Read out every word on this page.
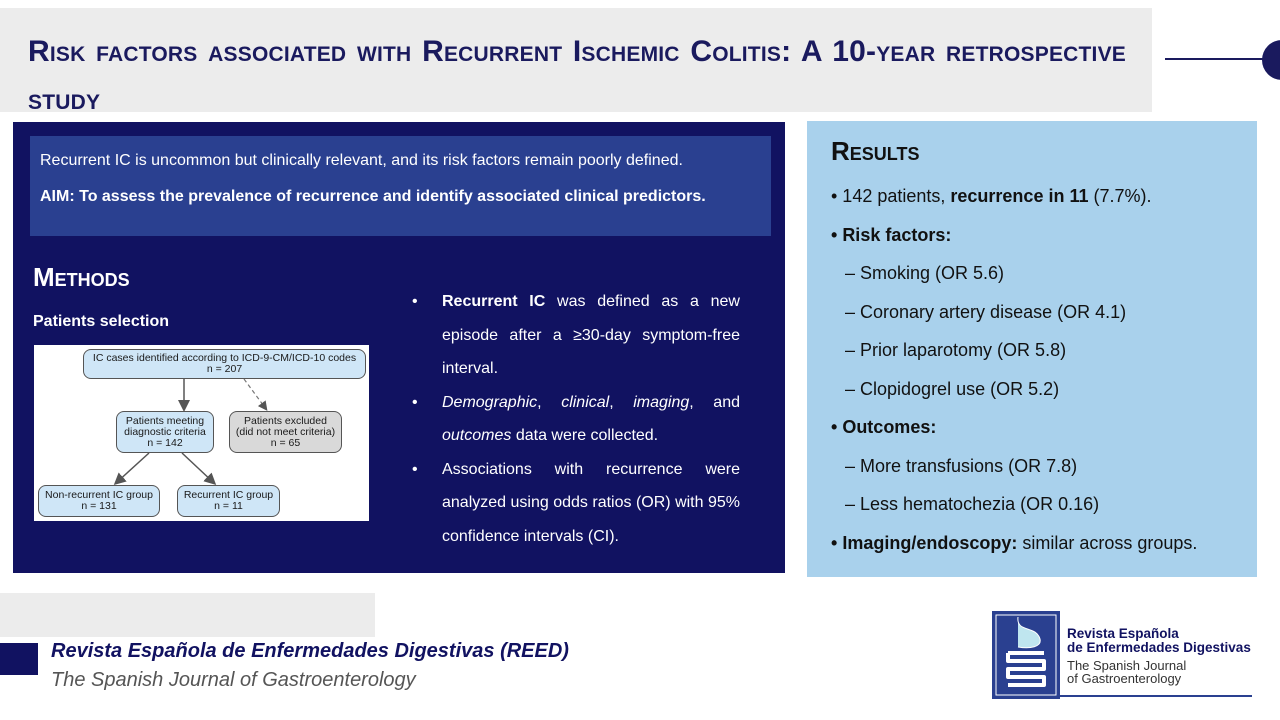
Risk factors associated with Recurrent Ischemic Colitis: A 10-year retrospective study

Recurrent IC is uncommon but clinically relevant, and its risk factors remain poorly defined.

AIM: To assess the prevalence of recurrence and identify associated clinical predictors.

Methods
Patients selection
IC cases identified according to ICD-9-CM/ICD-10 codes
n = 207
Patients meeting
diagnostic criteria
n = 142
Patients excluded
(did not meet criteria)
n = 65
Non-recurrent IC group
n = 131
Recurrent IC group
n = 11
• Recurrent IC was defined as a new episode after a ≥30-day symptom-free interval.
• Demographic, clinical, imaging, and outcomes data were collected.
• Associations with recurrence were analyzed using odds ratios (OR) with 95% confidence intervals (CI).
Results
• 142 patients, recurrence in 11 (7.7%).
• Risk factors:
– Smoking (OR 5.6)
– Coronary artery disease (OR 4.1)
– Prior laparotomy (OR 5.8)
– Clopidogrel use (OR 5.2)
• Outcomes:
– More transfusions (OR 7.8)
– Less hematochezia (OR 0.16)
• Imaging/endoscopy: similar across groups.
Revista Española de Enfermedades Digestivas (REED)
The Spanish Journal of Gastroenterology
Revista Española
de Enfermedades Digestivas
The Spanish Journal
of Gastroenterology
